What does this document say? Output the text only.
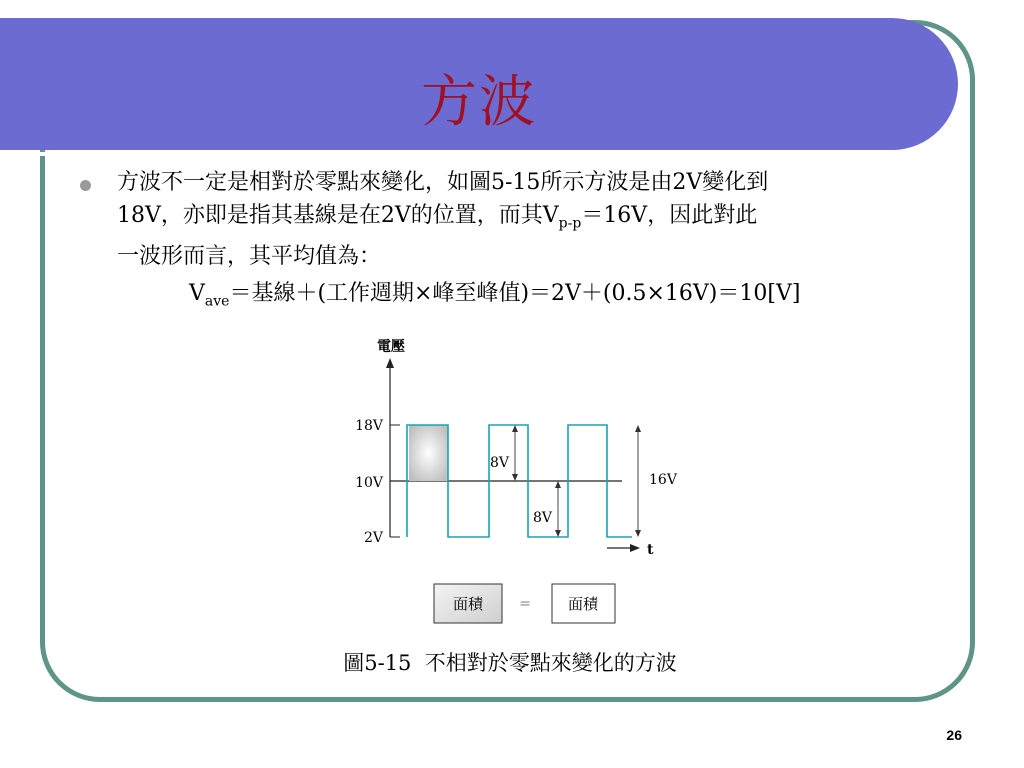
方波
方波不一定是相對於零點來變化，如圖5-15所示方波是由2V變化到
18V，亦即是指其基線是在2V的位置，而其$V_{p-p}=16V$，因此對此
一波形而言，其平均值為：
$V_{ave}=$基線＋(工作週期×峰至峰值)＝2V＋(0.5×16V)＝10[V]
電壓
18V
10V
2V
t
8V
8V
16V
面積	= 面積
圖5-15  不相對於零點來變化的方波
26
